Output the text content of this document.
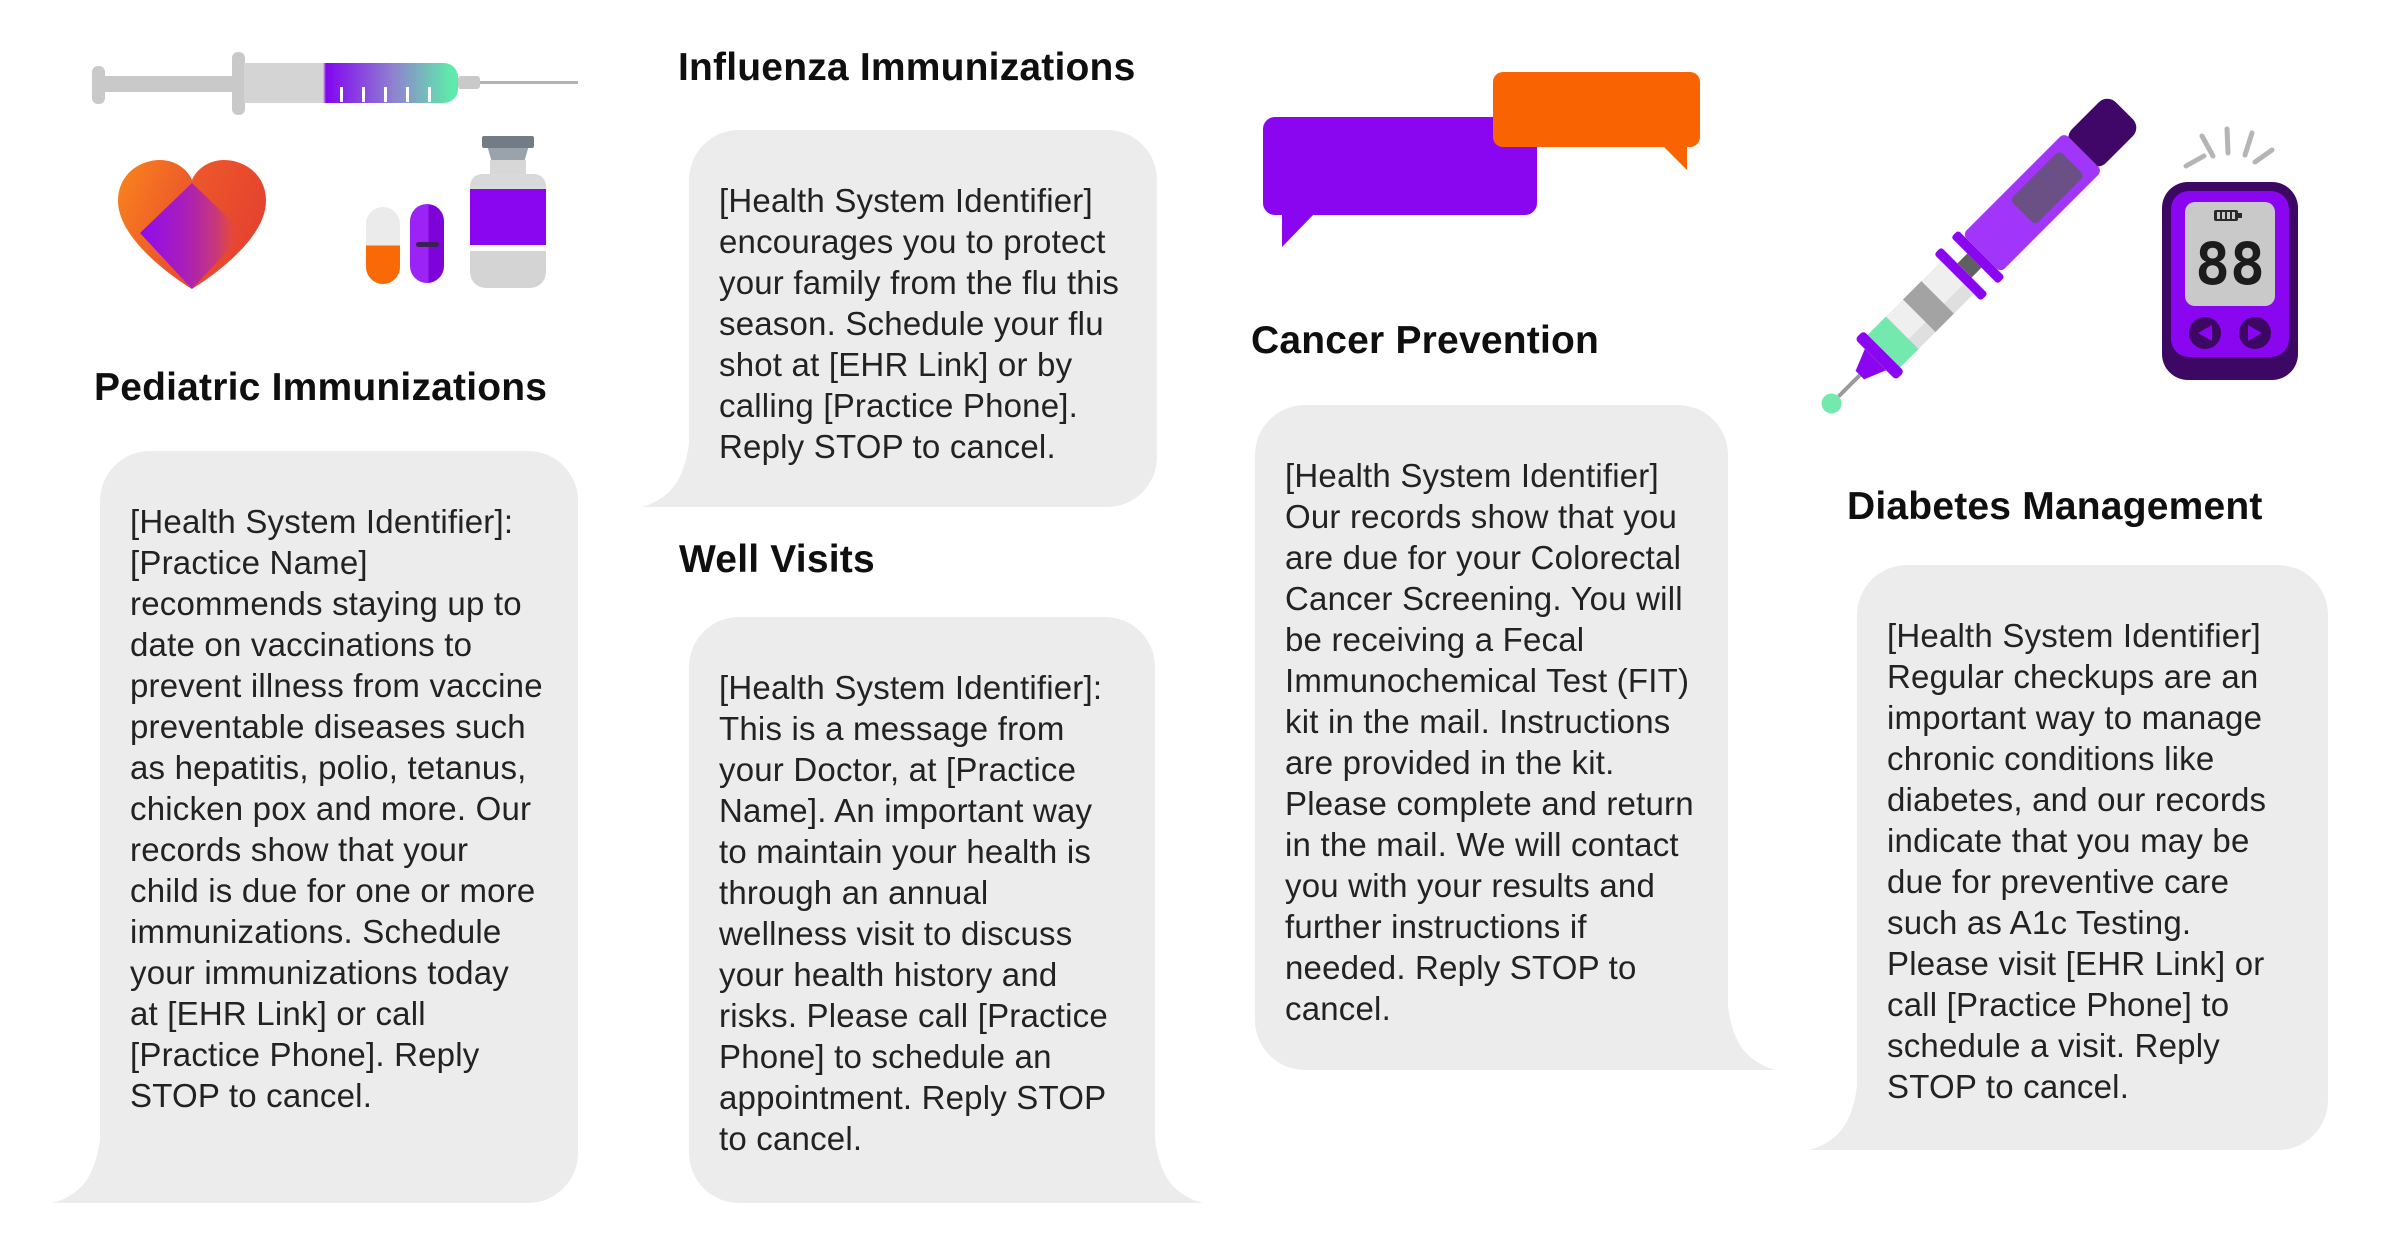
88
Pediatric Immunizations
Influenza Immunizations
Well Visits
Cancer Prevention
Diabetes Management

[Health System Identifier]: [Practice Name] recommends staying up to date on vaccinations to prevent illness from vaccine preventable diseases such as hepatitis, polio, tetanus, chicken pox and more. Our records show that your child is due for one or more immunizations. Schedule your immunizations today at [EHR Link] or call [Practice Phone]. Reply STOP to cancel.

[Health System Identifier] encourages you to protect your family from the flu this season. Schedule your flu shot at [EHR Link] or by calling [Practice Phone]. Reply STOP to cancel.

[Health System Identifier]: This is a message from your Doctor, at [Practice Name]. An important way to maintain your health is through an annual wellness visit to discuss your health history and risks. Please call [Practice Phone] to schedule an appointment. Reply STOP to cancel.

[Health System Identifier] Our records show that you are due for your Colorectal Cancer Screening. You will be receiving a Fecal Immunochemical Test (FIT) kit in the mail. Instructions are provided in the kit. Please complete and return in the mail. We will contact you with your results and further instructions if needed. Reply STOP to cancel.

[Health System Identifier] Regular checkups are an important way to manage chronic conditions like diabetes, and our records indicate that you may be due for preventive care such as A1c Testing. Please visit [EHR Link] or call [Practice Phone] to schedule a visit. Reply STOP to cancel.
